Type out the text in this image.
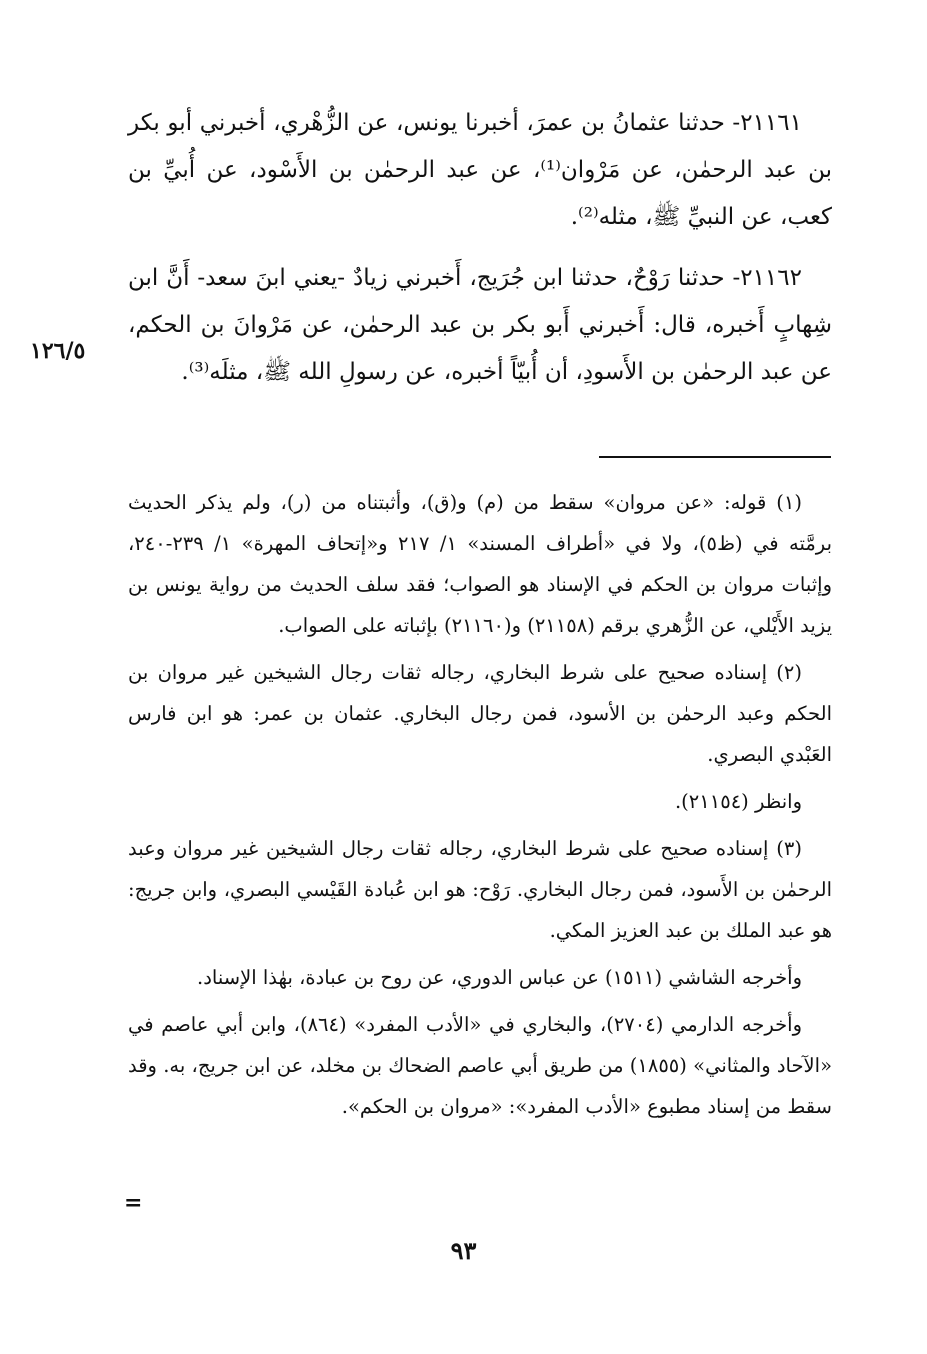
٢١١٦١- حدثنا عثمانُ بن عمرَ، أخبرنا يونس، عن الزُّهْري، أخبرني أبو بكر بن عبد الرحمٰن، عن مَرْوان⁽¹⁾، عن عبد الرحمٰن بن الأَسْود، عن أُبيِّ بن كعب، عن النبيِّ ﷺ، مثله⁽²⁾.

٢١١٦٢- حدثنا رَوْحٌ، حدثنا ابن جُرَيج، أَخبرني زيادٌ -يعني ابنَ سعد- أَنَّ ابن شِهابٍ أَخبره، قال: أَخبرني أَبو بكر بن عبد الرحمٰن، عن مَرْوانَ بن الحكم، عن عبد الرحمٰن بن الأَسودِ، أن أُبيّاً أخبره، عن رسولِ الله ﷺ، مثلَه⁽³⁾.

١٢٦/٥

(١) قوله: «عن مروان» سقط من (م) و(ق)، وأثبتناه من (ر)، ولم يذكر الحديث برمَّته في (ظ٥)، ولا في «أطراف المسند» ١/ ٢١٧ و«إتحاف المهرة» ١/ ٢٣٩-٢٤٠، وإثبات مروان بن الحكم في الإسناد هو الصواب؛ فقد سلف الحديث من رواية يونس بن يزيد الأَيْلي، عن الزُّهري برقم (٢١١٥٨) و(٢١١٦٠) بإثباته على الصواب.

(٢) إسناده صحيح على شرط البخاري، رجاله ثقات رجال الشيخين غير مروان بن الحكم وعبد الرحمٰن بن الأسود، فمن رجال البخاري. عثمان بن عمر: هو ابن فارس العَبْدي البصري.

وانظر (٢١١٥٤).

(٣) إسناده صحيح على شرط البخاري، رجاله ثقات رجال الشيخين غير مروان وعبد الرحمٰن بن الأَسود، فمن رجال البخاري. رَوْح: هو ابن عُبادة القَيْسي البصري، وابن جريج: هو عبد الملك بن عبد العزيز المكي.

وأخرجه الشاشي (١٥١١) عن عباس الدوري، عن روح بن عبادة، بهٰذا الإسناد.

وأخرجه الدارمي (٢٧٠٤)، والبخاري في «الأدب المفرد» (٨٦٤)، وابن أبي عاصم في «الآحاد والمثاني» (١٨٥٥) من طريق أبي عاصم الضحاك بن مخلد، عن ابن جريج، به. وقد سقط من إسناد مطبوع «الأدب المفرد»: «مروان بن الحكم».

=
٩٣
